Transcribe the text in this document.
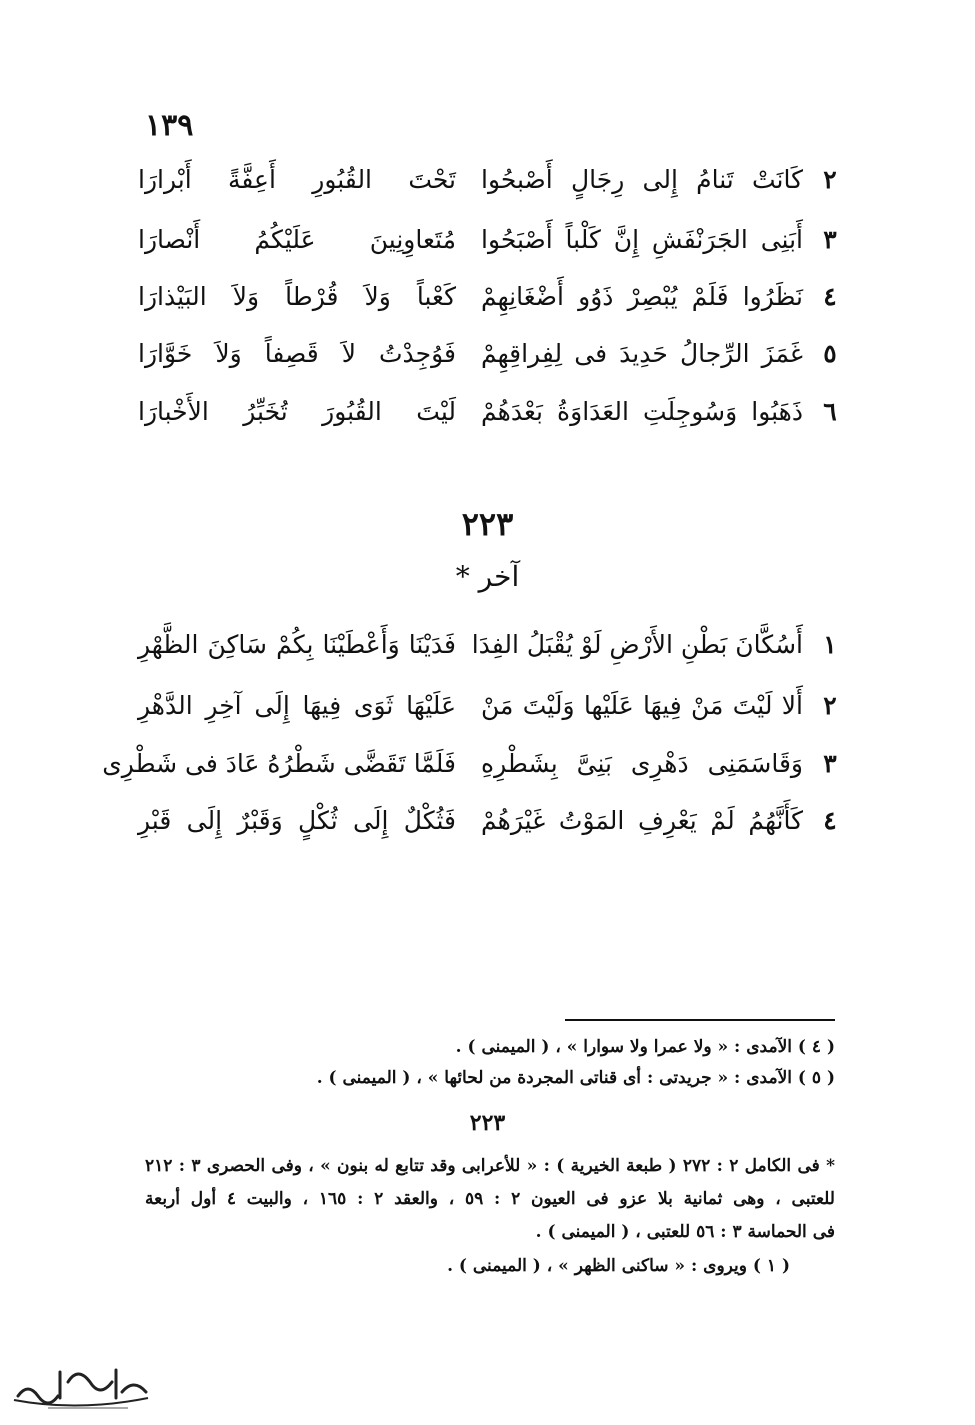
١٣٩
٢
كَانَتْ تَنامُ إِلى رِجَالٍ أَصْبحُوا
تَحْتَ القُبُورِ أَعِفَّةً أَبْرارَا
٣
أَبَنِى الجَرَنْفَشِ إِنَّ كَلْباً أَصْبَحُوا
مُتَعاوِنِينَ عَلَيْكُمُ أَنْصارَا
٤
نَظَرُوا فَلَمْ يُبْصِرْ ذَوُو أَضْغَانِهِمْ
كَعْباً وَلاَ قُرْطاً وَلاَ البَيْذارَا
٥
غَمَزَ الرِّجالُ حَدِيدَ فى لِفِراقِهِمْ
فَوُجِدْتُ لاَ قَصِفاً وَلاَ خَوَّارَا
٦
ذَهَبُوا وَسُوجِلَتِ العَدَاوَةُ بَعْدَهُمْ
لَيْتَ القُبُورَ تُخَبِّرُ الأَخْبارَا
٢٢٣
آخر *
١
أَسُكَّانَ بَطْنِ الأَرْضِ لَوْ يُقْبَلُ الفِدَا
فَدَيْنَا وَأَعْطَيْنَا بِكُمْ سَاكِنَ الظَّهْرِ
٢
أَلا لَيْتَ مَنْ فِيهَا عَلَيْها وَلَيْتَ مَنْ
عَلَيْهَا ثَوَى فِيهَا إِلَى آخِرِ الدَّهْرِ
٣
وَقَاسَمَنِى دَهْرِى بَنِىَّ بِشَطْرِهِ
فَلَمَّا تَقَضَّى شَطْرُهُ عَادَ فى شَطْرِى
٤
كَأَنَّهُمُ لَمْ يَعْرِفِ المَوْتُ غَيْرَهُمْ
فَثُكْلٌ إِلَى ثُكْلٍ وَقَبْرٌ إِلَى قَبْرِ
( ٤ ) الآمدى : « ولا عمرا ولا سوارا » ، ( الميمنى ) .
( ٥ ) الآمدى : « جريدتى : أى قناتى المجردة من لحائها » ، ( الميمنى ) .
٢٢٣
* فى الكامل ٢ : ٢٧٢ ( طبعة الخيرية ) : « للأعرابى وقد تتابع له بنون » ، وفى الحصرى ٣ : ٢١٢
للعتبى ، وهى ثمانية بلا عزو فى العيون ٢ : ٥٩ ، والعقد ٢ : ١٦٥ ، والبيت ٤ أول أربعة
فى الحماسة ٣ : ٥٦ للعتبى ، ( الميمنى ) .
( ١ ) ويروى : « ساكنى الظهر » ، ( الميمنى ) .
